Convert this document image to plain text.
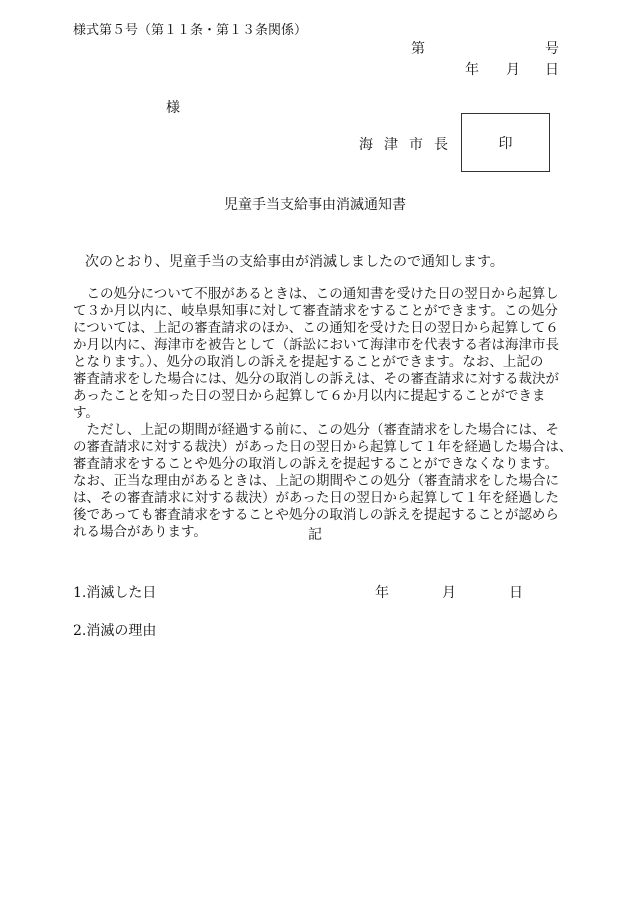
様式第５号（第１１条・第１３条関係）
第	号
年 月 日
様
海津市長	印
児童手当支給事由消滅通知書
次のとおり、児童手当の支給事由が消滅しましたので通知します。
　この処分について不服があるときは、この通知書を受けた日の翌日から起算し
て３か月以内に、岐阜県知事に対して審査請求をすることができます。この処分
については、上記の審査請求のほか、この通知を受けた日の翌日から起算して６
か月以内に、海津市を被告として（訴訟において海津市を代表する者は海津市長
となります。）、処分の取消しの訴えを提起することができます。なお、上記の
審査請求をした場合には、処分の取消しの訴えは、その審査請求に対する裁決が
あったことを知った日の翌日から起算して６か月以内に提起することができま
す。
　ただし、上記の期間が経過する前に、この処分（審査請求をした場合には、そ
の審査請求に対する裁決）があった日の翌日から起算して１年を経過した場合は、
審査請求をすることや処分の取消しの訴えを提起することができなくなります。
なお、正当な理由があるときは、上記の期間やこの処分（審査請求をした場合に
は、その審査請求に対する裁決）があった日の翌日から起算して１年を経過した
後であっても審査請求をすることや処分の取消しの訴えを提起することが認めら
れる場合があります。	記
1.消滅した日	年	月	日
2.消滅の理由
